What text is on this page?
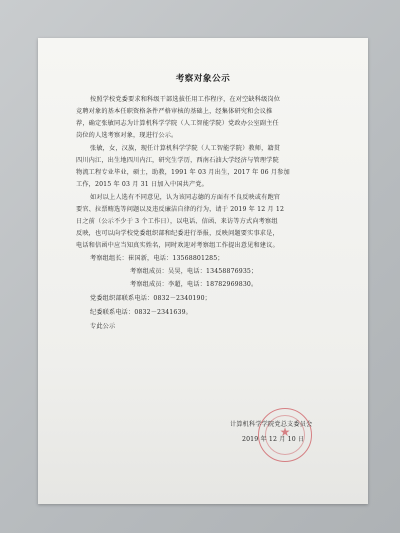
考察对象公示
按照学校党委要求和科级干部选拔任用工作程序，在对空缺科级岗位
竞聘对象的基本任职资格条件严格审核的基础上，经集体研究和会议推
荐，确定张敏同志为计算机科学学院（人工智能学院）党政办公室副主任
岗位的人选考察对象，现进行公示。
张敏，女，汉族，现任计算机科学学院（人工智能学院）教师，籍贯
四川内江，出生地四川内江，研究生学历，西南石油大学经济与管理学院
物流工程专业毕业，硕士，助教，1991 年 03 月出生，2017 年 06 月参加
工作，2015 年 03 月 31 日加入中国共产党。
如对以上人选有不同意见，认为该同志德的方面有不良反映或有跑官
要官、拉票贿选等问题以及违反廉洁自律的行为，请于 2019 年 12 月 12
日之前（公示不少于 3 个工作日），以电话、信函、来访等方式向考察组
反映，也可以向学校党委组织部和纪委进行举报，反映问题要实事求是，
电话和信函中应当知真实姓名，同时欢迎对考察组工作提出意见和建议。
考察组组长：崔国新，电话：13568801285；
考察组成员：吴昊，电话：13458876935；
考察组成员：李超，电话：18782969830。
党委组织部联系电话：0832－2340190；
纪委联系电话：0832－2341639。
专此公示
★
计算机科学学院党总支委员会
2019 年 12 月 10 日
